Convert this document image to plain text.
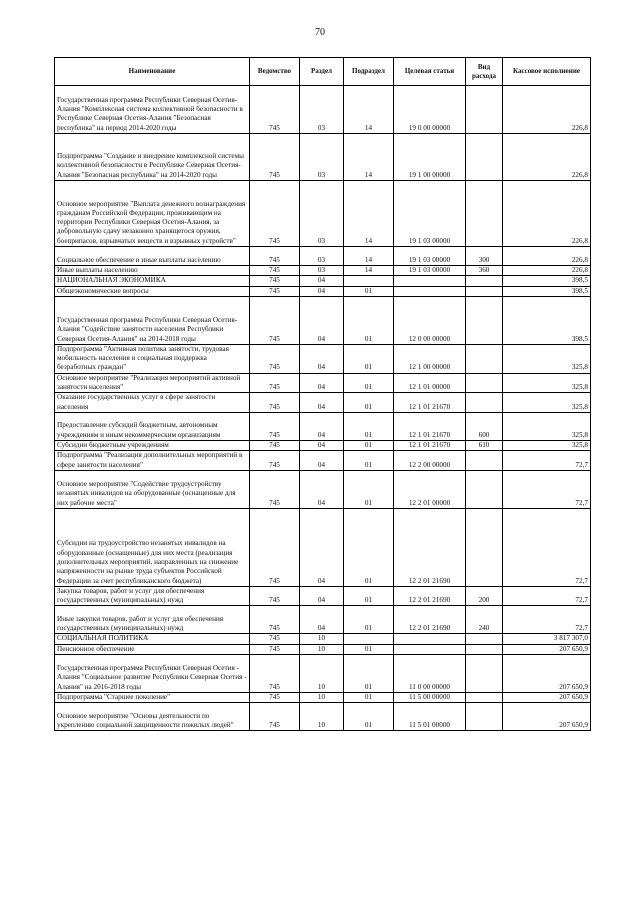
70
Наименование	Ведомство	Раздел	Подраздел	Целевая статья	Вид расхода	Кассовое исполнение
Государственная программа Республики Северная Осетия-Алания "Комплексная система коллективной безопасности в Республике Северная Осетия-Алания "Безопасная республика" на период 2014-2020 годы	745	03	14	19 0 00 00000		226,8
Подпрограмма "Создание и внедрение комплексной системы коллективной безопасности в Республике Северная Осетия-Алания "Безопасная республика" на 2014-2020 годы	745	03	14	19 1 00 00000		226,8
Основное мероприятие "Выплата денежного вознаграждения гражданам Российской Федерации, проживающим на территории Республики Северная Осетия-Алания, за добровольную сдачу незаконно хранящегося оружия, боеприпасов, взрывчатых веществ и взрывных устройств"	745	03	14	19 1 03 00000		226,8
Социальное обеспечение и иные выплаты населению	745	03	14	19 1 03 00000	300	226,8
Иные выплаты населению	745	03	14	19 1 03 00000	360	226,8
НАЦИОНАЛЬНАЯ ЭКОНОМИКА	745	04				398,5
Общеэкономические вопросы	745	04	01			398,5
Государственная программа Республики Северная Осетия-Алания "Содействие занятости населения Республики Северная Осетия-Алания" на 2014-2018 годы	745	04	01	12 0 00 00000		398,5
Подпрограмма "Активная политика занятости, трудовая мобильность населения и социальная поддержка безработных граждан"	745	04	01	12 1 00 00000		325,8
Основное мероприятие "Реализация мероприятий активной занятости населения"	745	04	01	12 1 01 00000		325,8
Оказание государственных услуг в сфере занятости населения	745	04	01	12 1 01 21670		325,8
Предоставление субсидий бюджетным, автономным учреждениям и иным некоммерческим организациям	745	04	01	12 1 01 21670	600	325,8
Субсидии бюджетным учреждениям	745	04	01	12 1 01 21670	610	325,8
Подпрограмма "Реализация дополнительных мероприятий в сфере занятости населения"	745	04	01	12 2 00 00000		72,7
Основное мероприятие "Содействие трудоустройству незанятых инвалидов на оборудованные (оснащенные для них рабочие места"	745	04	01	12 2 01 00000		72,7
Субсидии на трудоустройство незанятых инвалидов на оборудованные (оснащенные) для них места (реализация дополнительных мероприятий, направленных на снижение напряженности на рынке труда субъектов Российской Федерации за счет республиканского бюджета)	745	04	01	12 2 01 21690		72,7
Закупка товаров, работ и услуг для обеспечения государственных (муниципальных) нужд	745	04	01	12 2 01 21690	200	72,7
Иные закупки товаров, работ и услуг для обеспечения государственных (муниципальных) нужд	745	04	01	12 2 01 21690	240	72,7
СОЦИАЛЬНАЯ ПОЛИТИКА	745	10				3 817 307,0
Пенсионное обеспечение	745	10	01			207 650,9
Государственная программа Республики Северная Осетия - Алания "Социальное развитие Республики Северная Осетия - Алания" на 2016-2018 годы	745	10	01	11 0 00 00000		207 650,9
Подпрограмма "Старшее поколение"	745	10	01	11 5 00 00000		207 650,9
Основное мероприятие "Основы деятельности по укреплению социальной защищенности пожилых людей"	745	10	01	11 5 01 00000		207 650,9
